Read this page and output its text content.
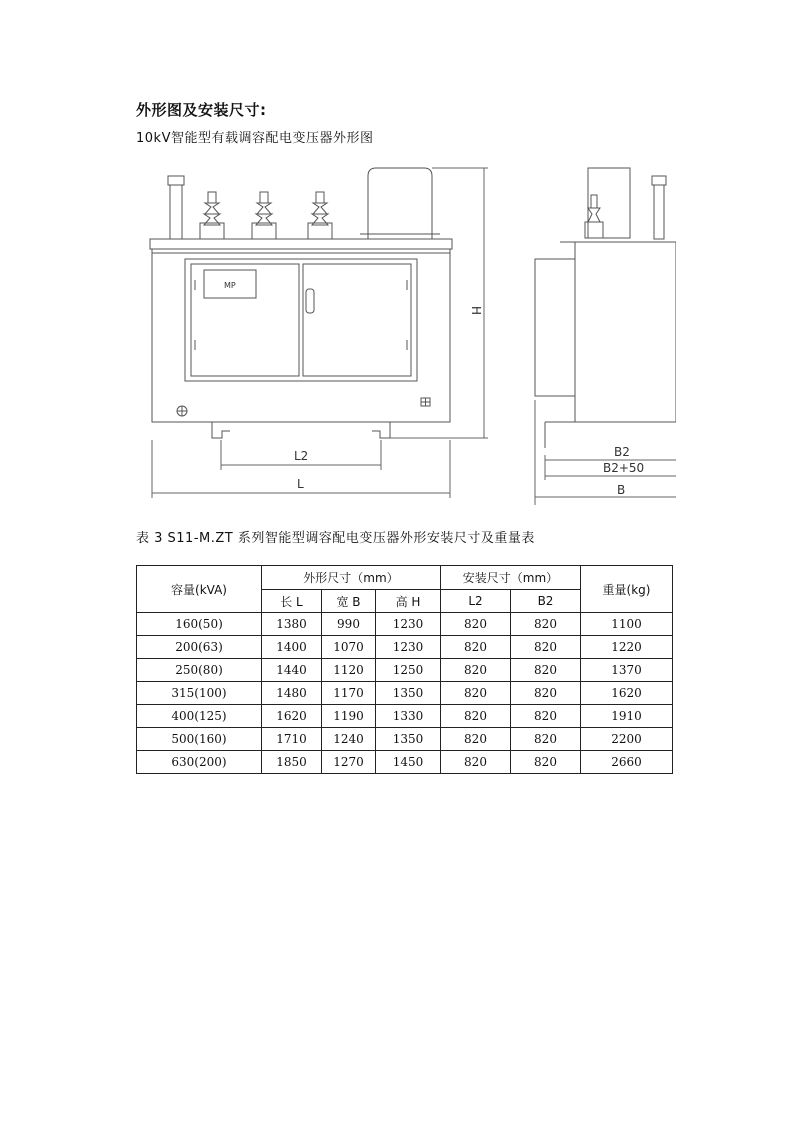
外形图及安装尺寸:
10kV智能型有载调容配电变压器外形图
MP
H
L2
L
B2
B2+50
B
表 3 S11-M.ZT 系列智能型调容配电变压器外形安装尺寸及重量表
容量(kVA)	外形尺寸（mm）			安装尺寸（mm）		重量(kg)
	长 L	宽 B	高 H	L2	B2	
160(50)	1380	990	1230	820	820	1100
200(63)	1400	1070	1230	820	820	1220
250(80)	1440	1120	1250	820	820	1370
315(100)	1480	1170	1350	820	820	1620
400(125)	1620	1190	1330	820	820	1910
500(160)	1710	1240	1350	820	820	2200
630(200)	1850	1270	1450	820	820	2660
